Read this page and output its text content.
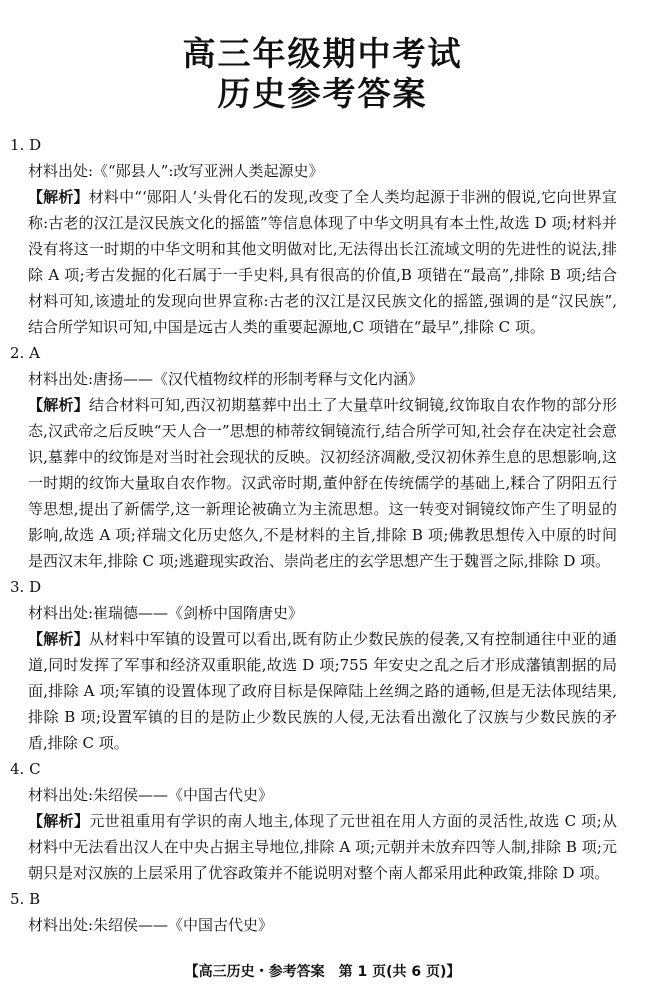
高三年级期中考试
历史参考答案
1. D
材料出处:《“郧县人”:改写亚洲人类起源史》
【解析】材料中“‘郧阳人’头骨化石的发现,改变了全人类均起源于非洲的假说,它向世界宣称:古老的汉江是汉民族文化的摇篮”等信息体现了中华文明具有本土性,故选 D 项;材料并没有将这一时期的中华文明和其他文明做对比,无法得出长江流域文明的先进性的说法,排除 A 项;考古发掘的化石属于一手史料,具有很高的价值,B 项错在“最高”,排除 B 项;结合材料可知,该遗址的发现向世界宣称:古老的汉江是汉民族文化的摇篮,强调的是“汉民族”,结合所学知识可知,中国是远古人类的重要起源地,C 项错在“最早”,排除 C 项。
2. A
材料出处:唐扬——《汉代植物纹样的形制考释与文化内涵》
【解析】结合材料可知,西汉初期墓葬中出土了大量草叶纹铜镜,纹饰取自农作物的部分形态,汉武帝之后反映“天人合一”思想的柿蒂纹铜镜流行,结合所学可知,社会存在决定社会意识,墓葬中的纹饰是对当时社会现状的反映。汉初经济凋敝,受汉初休养生息的思想影响,这一时期的纹饰大量取自农作物。汉武帝时期,董仲舒在传统儒学的基础上,糅合了阴阳五行等思想,提出了新儒学,这一新理论被确立为主流思想。这一转变对铜镜纹饰产生了明显的影响,故选 A 项;祥瑞文化历史悠久,不是材料的主旨,排除 B 项;佛教思想传入中原的时间是西汉末年,排除 C 项;逃避现实政治、崇尚老庄的玄学思想产生于魏晋之际,排除 D 项。
3. D
材料出处:崔瑞德——《剑桥中国隋唐史》
【解析】从材料中军镇的设置可以看出,既有防止少数民族的侵袭,又有控制通往中亚的通道,同时发挥了军事和经济双重职能,故选 D 项;755 年安史之乱之后才形成藩镇割据的局面,排除 A 项;军镇的设置体现了政府目标是保障陆上丝绸之路的通畅,但是无法体现结果,排除 B 项;设置军镇的目的是防止少数民族的人侵,无法看出激化了汉族与少数民族的矛盾,排除 C 项。
4. C
材料出处:朱绍侯——《中国古代史》
【解析】元世祖重用有学识的南人地主,体现了元世祖在用人方面的灵活性,故选 C 项;从材料中无法看出汉人在中央占据主导地位,排除 A 项;元朝并未放弃四等人制,排除 B 项;元朝只是对汉族的上层采用了优容政策并不能说明对整个南人都采用此种政策,排除 D 项。
5. B
材料出处:朱绍侯——《中国古代史》
【高三历史・参考答案　第 1 页(共 6 页)】
